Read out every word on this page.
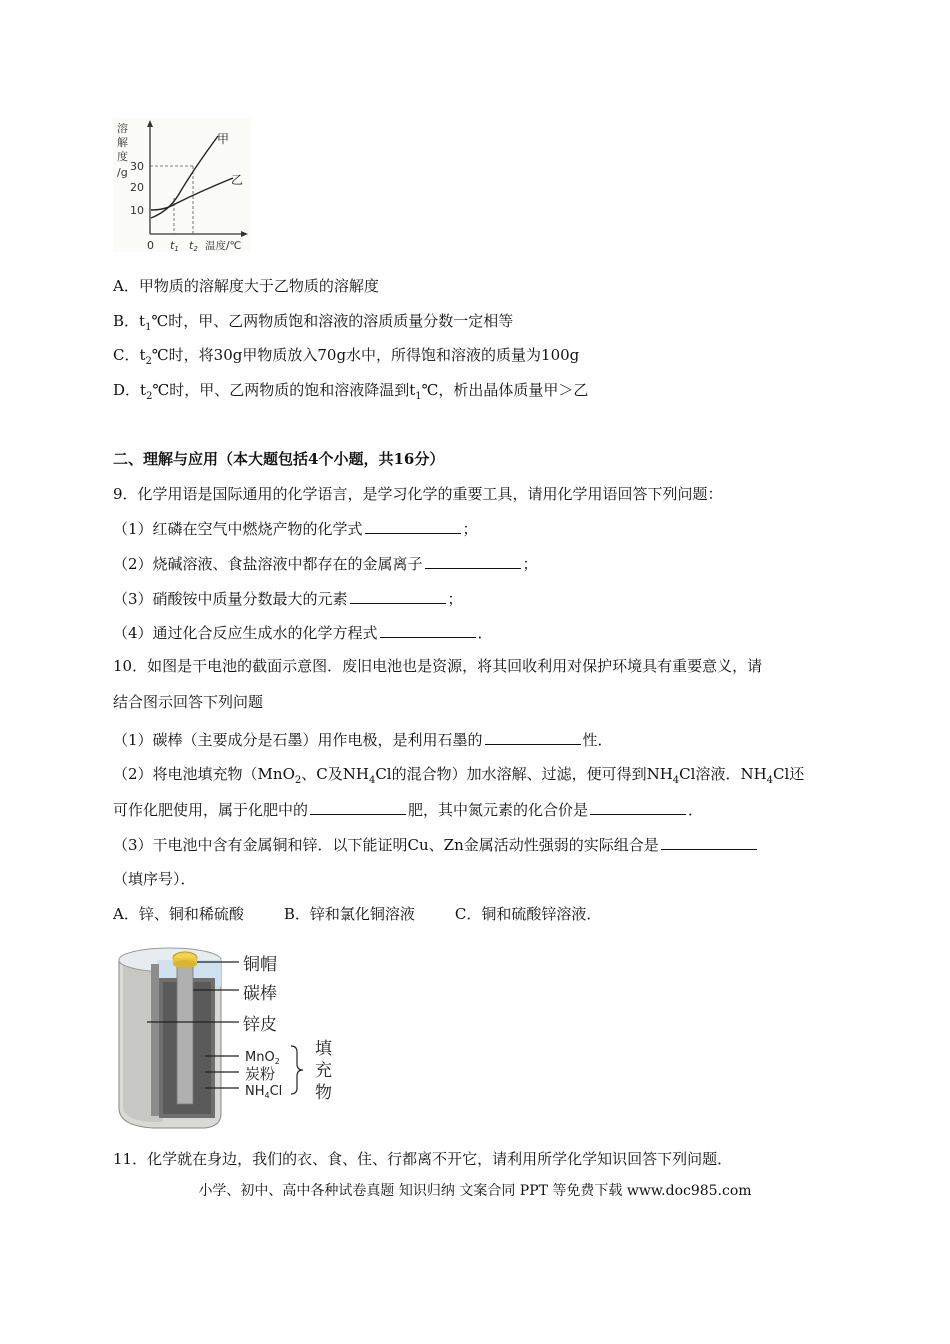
溶
解
度
/g 30
20
10
甲
乙
0 t1 t2 温度/℃
A．甲物质的溶解度大于乙物质的溶解度
B．$t_1℃$时，甲、乙两物质饱和溶液的溶质质量分数一定相等
C．$t_2℃$时，将30g甲物质放入70g水中，所得饱和溶液的质量为100g
D．$t_2℃$时，甲、乙两物质的饱和溶液降温到$t_1℃$，析出晶体质量甲＞乙
二、理解与应用（本大题包括4个小题，共16分）
9．化学用语是国际通用的化学语言，是学习化学的重要工具，请用化学用语回答下列问题：
（1）红磷在空气中燃烧产物的化学式	；
（2）烧碱溶液、食盐溶液中都存在的金属离子	；
（3）硝酸铵中质量分数最大的元素	；
（4）通过化合反应生成水的化学方程式	．
10．如图是干电池的截面示意图．废旧电池也是资源，将其回收利用对保护环境具有重要意义，请
结合图示回答下列问题
（1）碳棒（主要成分是石墨）用作电极，是利用石墨的	性．
（2）将电池填充物（MnO$_2$、C及$NH_4Cl$的混合物）加水溶解、过滤，便可得到$NH_4Cl$溶液．$NH_4Cl$还
可作化肥使用，属于化肥中的	肥，其中氮元素的化合价是	．
（3）干电池中含有金属铜和锌．以下能证明Cu、Zn金属活动性强弱的实际组合是
（填序号）．
A．锌、铜和稀硫酸	B．锌和氯化铜溶液	C．铜和硫酸锌溶液．
铜帽
碳棒
锌皮
MnO$_2$
炭粉
$NH_4Cl$
填
充
物
11．化学就在身边，我们的衣、食、住、行都离不开它，请利用所学化学知识回答下列问题．
小学、初中、高中各种试卷真题 知识归纳 文案合同 PPT 等免费下载 www.doc985.com
